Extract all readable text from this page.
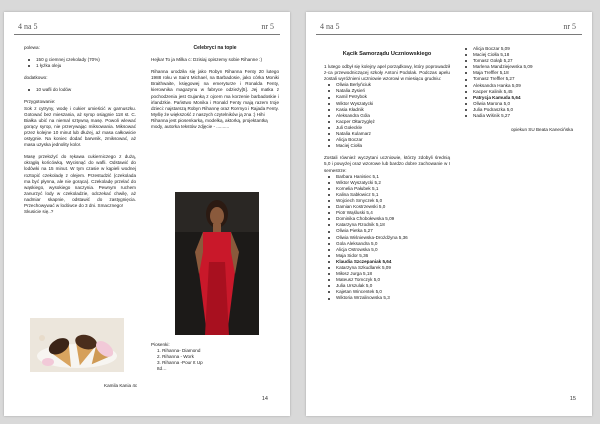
4 na 5	nr 5

polewa:

150 g ciemnej czekolady (70%)
1 łyżka oleju

dodatkowo:

10 wafli do lodów

Przygotowanie:

Sok z cytryny, wodę i cukier umieścić w garnuszku. Gotować bez mieszania, aż syrop osiągnie 118 st. C. Białka ubić na niemal sztywną masę. Powoli wlewać gorący syrop, nie przerywając miksowania. Miksować przez kolejne 10 minut lub dłużej, aż masa całkowicie ostygnie. Na koniec dodać barwnik, zmiksować, aż masa uzyska jednolity kolor.

Masę przełożyć do rękawa cukierniczego z dużą, okrągłą końcówką. Wycisnąć do wafli. Odstawić do lodówki na 15 minut. W tym czasie w kąpieli wodnej roztopić czekoladę z olejem. Przestudzić (czekolada ma być płynna, ale nie gorąca). Czekoladę przelać do wąskiego, wysokiego naczynia. Pewnym ruchem zanurzyć lody w czekoladzie, odczekać chwilę, aż nadmiar skapnie, odstawić do zastygnięcia. Przechowywać w lodówce do 3 dni. Smacznego!

Skusicie się..?

Kamila Kania 4c

Celebryci na topie

Hejka! To ja Milka c: Dzisiaj opiszemy sobie Rihanne :)

Rihanna urodziła się jako Robyn Rihanna Fenty 20 lutego 1988 roku w Saint Michael, na Barbadosie, jako córka Moniki Braithwaite, księgowej na emeryturze i Ronalda Fenty, kierownika magazynu w fabryce odzieży[5]. Jej matka z pochodzenia jest Gujanką z ojcem ma korzenie barbadoskie i irlandzkie. Państwo Monika i Ronald Fenty mają razem troje dzieci: najstarszą Robyn Rihannę oraz Rorrnyo i Rajada Fenty.

Myślę że większość z naszych czytelników ją zna :) Hihi

Rihanna jest piosenkarką, modelką, aktorką, projektantką mody, autorka tekstów zdjęcie - ..........

Piosenki:

1. Rihanna- Diamond
2. Rihanna - Work
3. Rihanna -Pour It Up

Itd…

14
4 na 5	nr 5

Kącik Samorządu Uczniowskiego

1 lutego odbył się kolejny apel porządkowy, który poprowadził z-ca przewodniczącej szkoły Antoni Podolak. Podczas apelu zostali wyróżnieni uczniowie wzorowi w miesiącu grudniu:

Oliwia Berlyńciuk
Natalia Zysień
Kamil Petrybok
Wiktor Wyszatycki
Kasia Kładnik
Aleksandra Góla
Kacper Ołtarzyglęż
Juli Gołeckle
Natalia Kulamarz
Alicja Boczar
Maciej Ciołla

Zostali również wyczytani uczniowie, którzy zdobyli średnią 5,0 i powyżej oraz wzorowe lub bardzo dobre zachowanie w I semestrze:

Barbara Hanisiec 5,1
Wiktor Wyszatycki 5,2
Kornelia Pałubek 5,1
Kalina Sabłowicz 5,1
Wojciech Smyczek 5,0
Damian Kostrzewski 5,0
Piotr Wąśluski 5,4
Dominika Chobołewska 5,09
Katarzyna Rzodnik 5,18
Oliwia Pietka 5,27
Oliwia Wiśniewska-Drożdżyna 5,36
Gola Aleksandra 5,0
Alicja Ostrowska 5,0
Maja Sidor 5,36
Klaudia Szczepaniak 5,64
Katarzyna Szkudlarek 5,09
Miłosz Jurga 5,18
Mateusz Tomczyk 5,0
Julia Urszulak 5,0
Kajetan Wincentek 5,0
Wiktoria Wrzalinowska 5,3
Alicja Boczar 5,09
Maciej Ciołla 5,18
Tomasz Gołąb 5,27
Marlena Mandziejewska 5,09
Maja Treffler 5,18
Tomasz Treffler 5,27
Aleksandra Hanka 5,09
Kacper Kalinik 5,45
Patrycja Kamuda 5,64
Oliwia Marona 5,0
Julia Podraszka 5,0
Nadia Wiśnik 5,27

opiekun SU Beata Kanecińska

15
